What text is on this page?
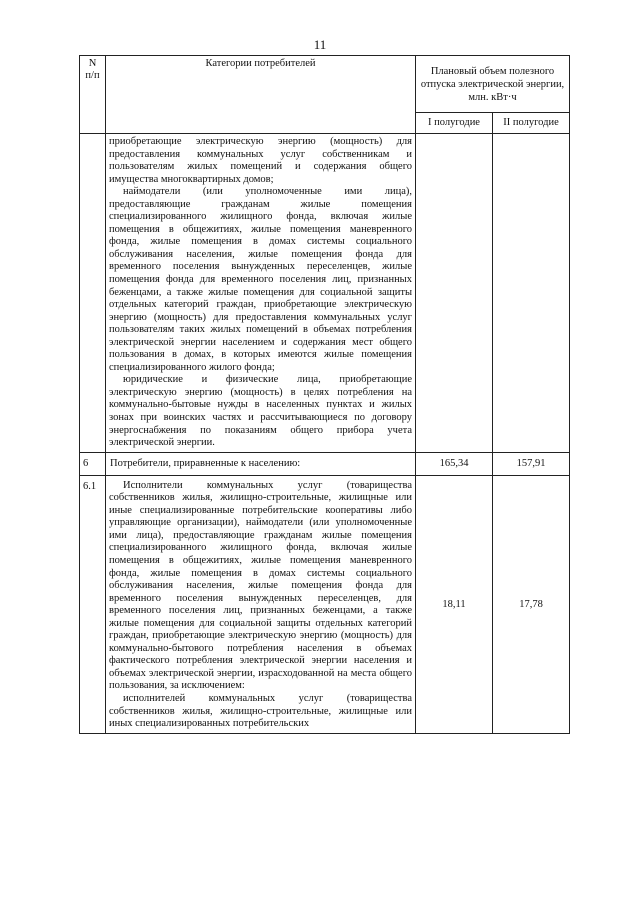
11
N
п/п	Категории потребителей	Плановый объем полезного отпуска электрической энергии, млн. кВт·ч	
		I полугодие	II полугодие

	приобретающие электрическую энергию (мощность) для предоставления коммунальных услуг собственникам и пользователям жилых помещений и содержания общего имущества многоквартирных домов;

наймодатели (или уполномоченные ими лица), предоставляющие гражданам жилые помещения специализированного жилищного фонда, включая жилые помещения в общежитиях, жилые помещения маневренного фонда, жилые помещения в домах системы социального обслуживания населения, жилые помещения фонда для временного поселения вынужденных переселенцев, жилые помещения фонда для временного поселения лиц, признанных беженцами, а также жилые помещения для социальной защиты отдельных категорий граждан, приобретающие электрическую энергию (мощность) для предоставления коммунальных услуг пользователям таких жилых помещений в объемах потребления электрической энергии населением и содержания мест общего пользования в домах, в которых имеются жилые помещения специализированного жилого фонда;

юридические и физические лица, приобретающие электрическую энергию (мощность) в целях потребления на коммунально-бытовые нужды в населенных пунктах и жилых зонах при воинских частях и рассчитывающиеся по договору энергоснабжения по показаниям общего прибора учета электрической энергии.		

6	Потребители, приравненные к населению:	165,34	157,91
6.1	Исполнители коммунальных услуг (товарищества собственников жилья, жилищно-строительные, жилищные или иные специализированные потребительские кооперативы либо управляющие организации), наймодатели (или уполномоченные ими лица), предоставляющие гражданам жилые помещения специализированного жилищного фонда, включая жилые помещения в общежитиях, жилые помещения маневренного фонда, жилые помещения в домах системы социального обслуживания населения, жилые помещения фонда для временного поселения вынужденных переселенцев, для временного поселения лиц, признанных беженцами, а также жилые помещения для социальной защиты отдельных категорий граждан, приобретающие электрическую энергию (мощность) для коммунально-бытового потребления населения в объемах фактического потребления электрической энергии населения и объемах электрической энергии, израсходованной на места общего пользования, за исключением:

исполнителей коммунальных услуг (товарищества собственников жилья, жилищно-строительные, жилищные или иных специализированных потребительских	18,11	17,78
